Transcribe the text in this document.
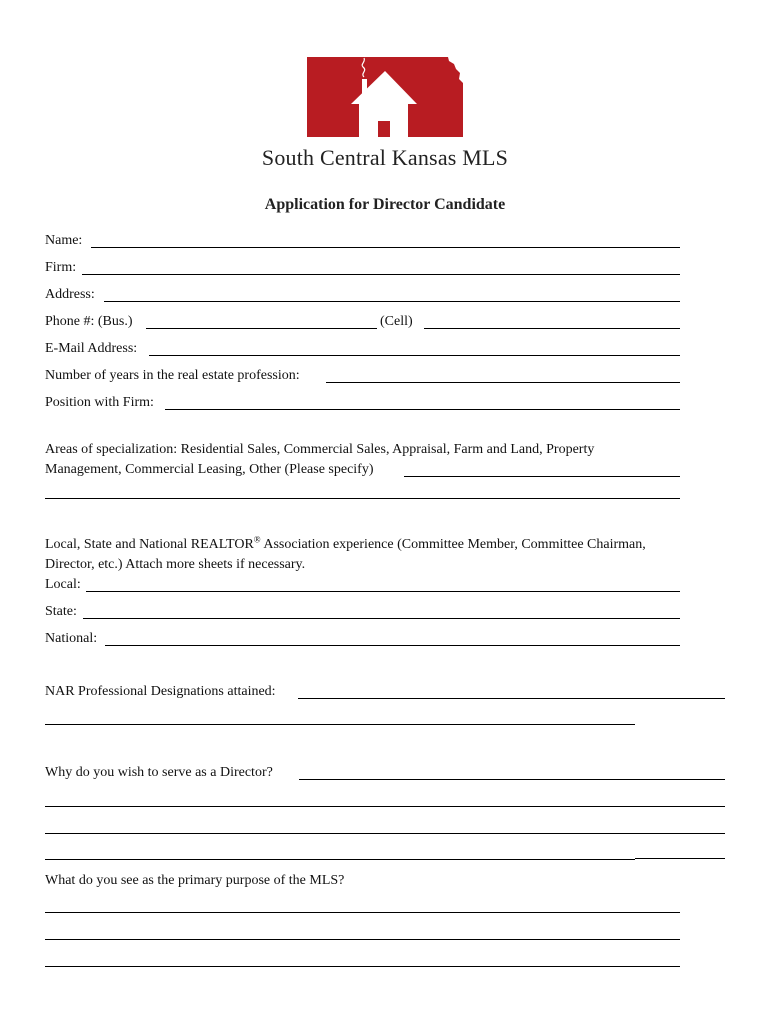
South Central Kansas MLS
Application for Director Candidate
Name:
Firm:
Address:
Phone #: (Bus.)	(Cell)
E-Mail Address:
Number of years in the real estate profession:
Position with Firm:
Areas of specialization: Residential Sales, Commercial Sales, Appraisal, Farm and Land, Property
Management, Commercial Leasing, Other (Please specify)
Local, State and National REALTOR® Association experience (Committee Member, Committee Chairman,
Director, etc.) Attach more sheets if necessary.
Local:
State:
National:
NAR Professional Designations attained:
Why do you wish to serve as a Director?
What do you see as the primary purpose of the MLS?
